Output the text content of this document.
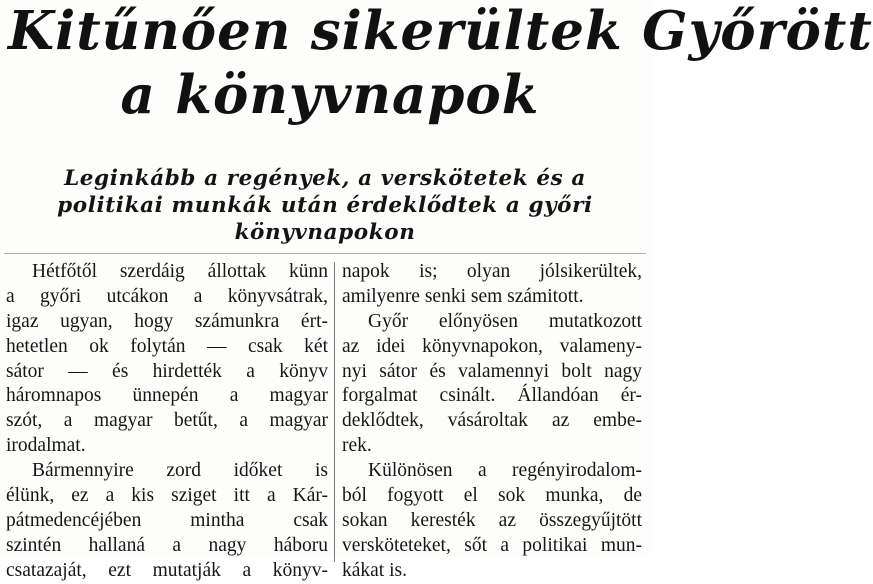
Kitűnően sikerültek Győrött
a könyvnapok
Leginkább a regények, a verskötetek és a
politikai munkák után érdeklődtek a győri
könyvnapokon
Hétfőtől szerdáig állottak künn
a győri utcákon a könyvsátrak,
igaz ugyan, hogy számunkra ért-
hetetlen ok folytán — csak két
sátor — és hirdették a könyv
háromnapos ünnepén a magyar
szót, a magyar betűt, a magyar
irodalmat.
Bármennyire zord időket is
élünk, ez a kis sziget itt a Kár-
pátmedencéjében mintha csak
szintén hallaná a nagy háboru
csatazaját, ezt mutatják a könyv-
napok is; olyan jólsikerültek,
amilyenre senki sem számitott.
Győr előnyösen mutatkozott
az idei könyvnapokon, valameny-
nyi sátor és valamennyi bolt nagy
forgalmat csinált. Állandóan ér-
deklődtek, vásároltak az embe-
rek.
Különösen a regényirodalom-
ból fogyott el sok munka, de
sokan keresték az összegyűjtött
versköteteket, sőt a politikai mun-
kákat is.
